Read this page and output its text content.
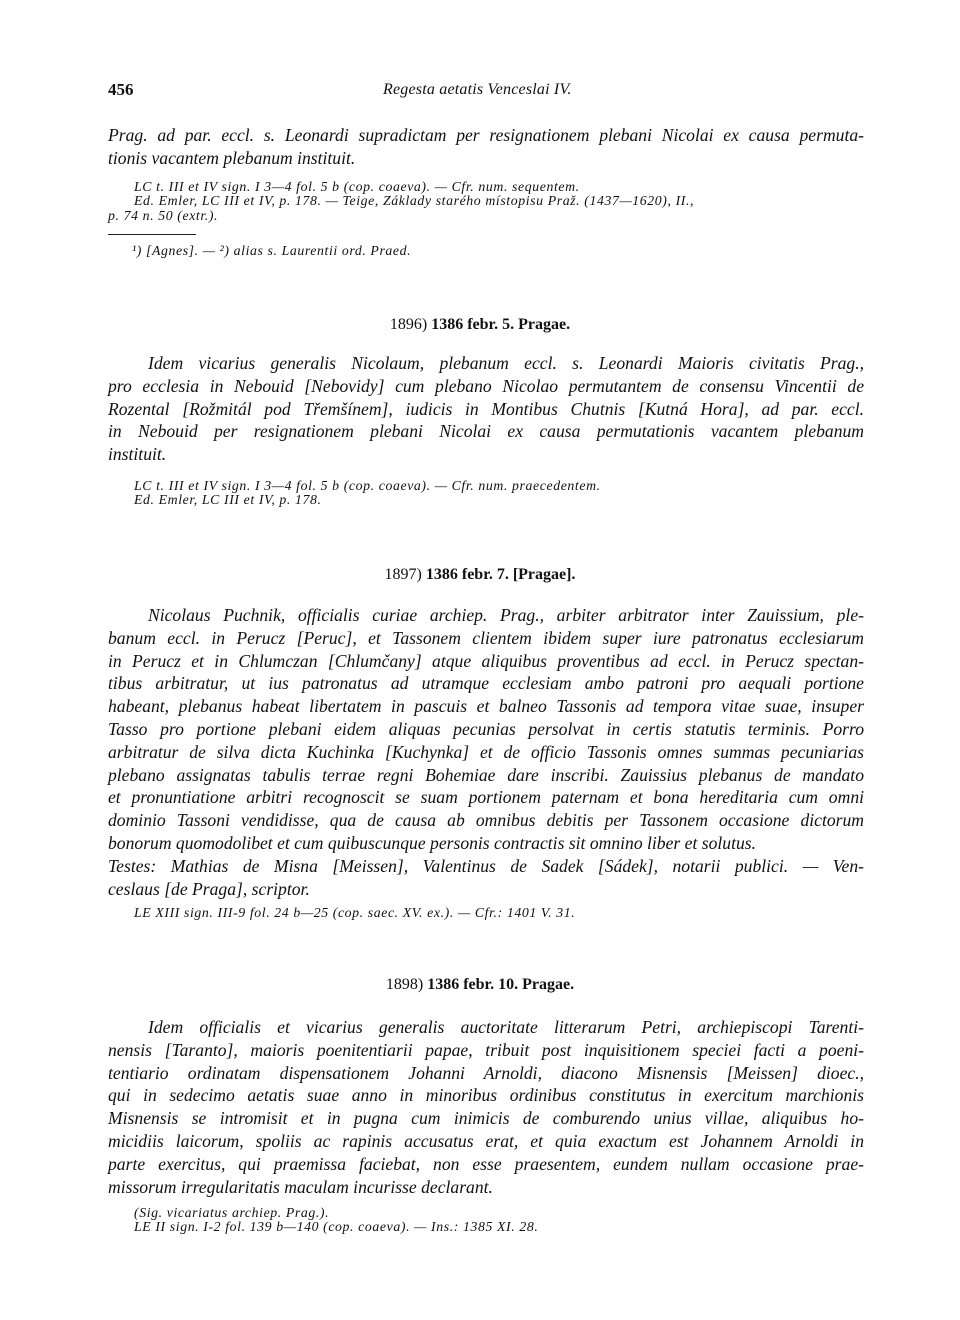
456	Regesta aetatis Venceslai IV.
Prag. ad par. eccl. s. Leonardi supradictam per resignationem plebani Nicolai ex causa permuta-
tionis vacantem plebanum instituit.
LC t. III et IV sign. I 3—4 fol. 5 b (cop. coaeva). — Cfr. num. sequentem.
Ed. Emler, LC III et IV, p. 178. — Teige, Základy starého místopisu Praž. (1437—1620), II.,
p. 74 n. 50 (extr.).
¹) [Agnes]. — ²) alias s. Laurentii ord. Praed.
1896) 1386 febr. 5. Pragae.
Idem vicarius generalis Nicolaum, plebanum eccl. s. Leonardi Maioris civitatis Prag.,
pro ecclesia in Nebouid [Nebovidy] cum plebano Nicolao permutantem de consensu Vincentii de
Rozental [Rožmitál pod Třemšínem], iudicis in Montibus Chutnis [Kutná Hora], ad par. eccl.
in Nebouid per resignationem plebani Nicolai ex causa permutationis vacantem plebanum
instituit.
LC t. III et IV sign. I 3—4 fol. 5 b (cop. coaeva). — Cfr. num. praecedentem.
Ed. Emler, LC III et IV, p. 178.
1897) 1386 febr. 7. [Pragae].
Nicolaus Puchnik, officialis curiae archiep. Prag., arbiter arbitrator inter Zauissium, ple-
banum eccl. in Perucz [Peruc], et Tassonem clientem ibidem super iure patronatus ecclesiarum
in Perucz et in Chlumczan [Chlumčany] atque aliquibus proventibus ad eccl. in Perucz spectan-
tibus arbitratur, ut ius patronatus ad utramque ecclesiam ambo patroni pro aequali portione
habeant, plebanus habeat libertatem in pascuis et balneo Tassonis ad tempora vitae suae, insuper
Tasso pro portione plebani eidem aliquas pecunias persolvat in certis statutis terminis. Porro
arbitratur de silva dicta Kuchinka [Kuchynka] et de officio Tassonis omnes summas pecuniarias
plebano assignatas tabulis terrae regni Bohemiae dare inscribi. Zauissius plebanus de mandato
et pronuntiatione arbitri recognoscit se suam portionem paternam et bona hereditaria cum omni
dominio Tassoni vendidisse, qua de causa ab omnibus debitis per Tassonem occasione dictorum
bonorum quomodolibet et cum quibuscunque personis contractis sit omnino liber et solutus.
Testes: Mathias de Misna [Meissen], Valentinus de Sadek [Sádek], notarii publici. — Ven-
ceslaus [de Praga], scriptor.
LE XIII sign. III-9 fol. 24 b—25 (cop. saec. XV. ex.). — Cfr.: 1401 V. 31.
1898) 1386 febr. 10. Pragae.
Idem officialis et vicarius generalis auctoritate litterarum Petri, archiepiscopi Tarenti-
nensis [Taranto], maioris poenitentiarii papae, tribuit post inquisitionem speciei facti a poeni-
tentiario ordinatam dispensationem Johanni Arnoldi, diacono Misnensis [Meissen] dioec.,
qui in sedecimo aetatis suae anno in minoribus ordinibus constitutus in exercitum marchionis
Misnensis se intromisit et in pugna cum inimicis de comburendo unius villae, aliquibus ho-
micidiis laicorum, spoliis ac rapinis accusatus erat, et quia exactum est Johannem Arnoldi in
parte exercitus, qui praemissa faciebat, non esse praesentem, eundem nullam occasione prae-
missorum irregularitatis maculam incurisse declarant.
(Sig. vicariatus archiep. Prag.).
LE II sign. I-2 fol. 139 b—140 (cop. coaeva). — Ins.: 1385 XI. 28.
